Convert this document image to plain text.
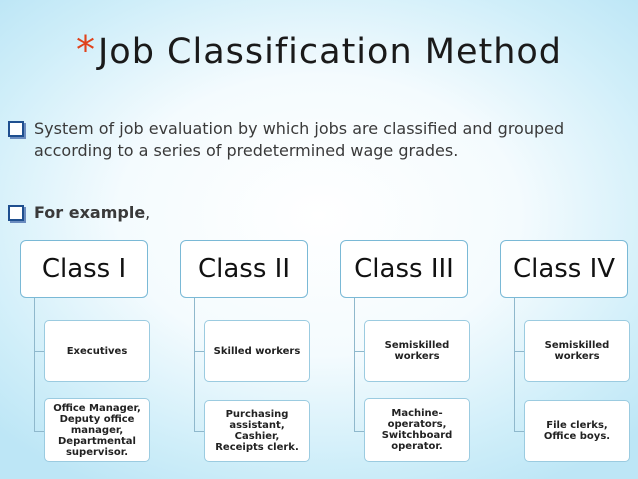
*Job Classification Method
System of job evaluation by which jobs are classified and grouped according to a series of predetermined wage grades.
For example,
Class I
Executives
Office Manager, Deputy office manager, Departmental supervisor.
Class II
Skilled workers
Purchasing assistant, Cashier, Receipts clerk.
Class III
Semiskilled workers
Machine-operators, Switchboard operator.
Class IV
Semiskilled workers
File clerks, Office boys.
